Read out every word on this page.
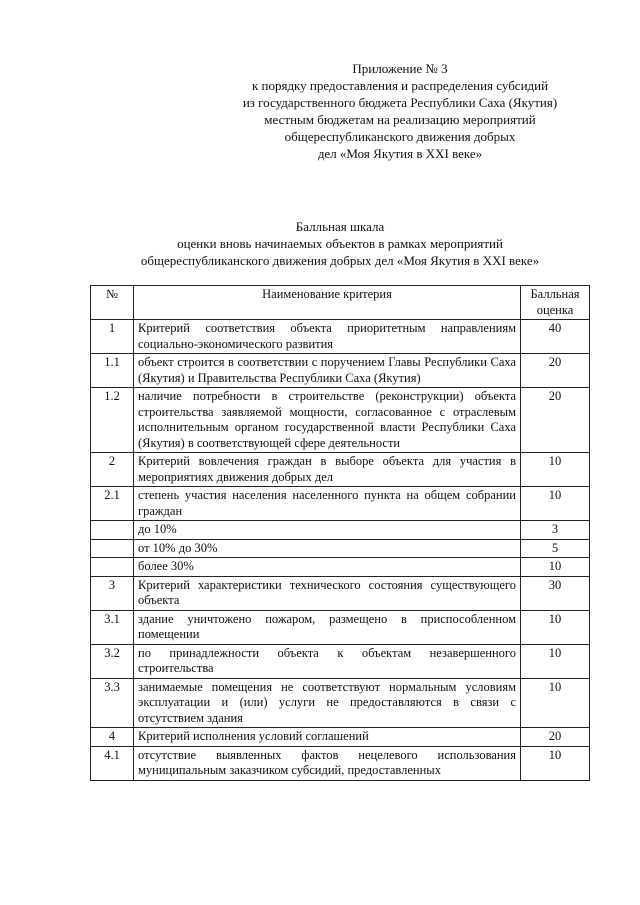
Приложение № 3
к порядку предоставления и распределения субсидий
из государственного бюджета Республики Саха (Якутия)
местным бюджетам на реализацию мероприятий
общереспубликанского движения добрых
дел «Моя Якутия в XXI веке»
Балльная шкала
оценки вновь начинаемых объектов в рамках мероприятий
общереспубликанского движения добрых дел «Моя Якутия в XXI веке»
№	Наименование критерия	Балльная оценка
1	Критерий соответствия объекта приоритетным направлениям социально-экономического развития	40
1.1	объект строится в соответствии с поручением Главы Республики Саха (Якутия) и Правительства Республики Саха (Якутия)	20
1.2	наличие потребности в строительстве (реконструкции) объекта строительства заявляемой мощности, согласованное с отраслевым исполнительным органом государственной власти Республики Саха (Якутия) в соответствующей сфере деятельности	20
2	Критерий вовлечения граждан в выборе объекта для участия в мероприятиях движения добрых дел	10
2.1	степень участия населения населенного пункта на общем собрании граждан	10
	до 10%	3
	от 10% до 30%	5
	более 30%	10
3	Критерий характеристики технического состояния существующего объекта	30
3.1	здание уничтожено пожаром, размещено в приспособленном помещении	10
3.2	по принадлежности объекта к объектам незавершенного строительства	10
3.3	занимаемые помещения не соответствуют нормальным условиям эксплуатации и (или) услуги не предоставляются в связи с отсутствием здания	10
4	Критерий исполнения условий соглашений	20
4.1	отсутствие выявленных фактов нецелевого использования муниципальным заказчиком субсидий, предоставленных	10
